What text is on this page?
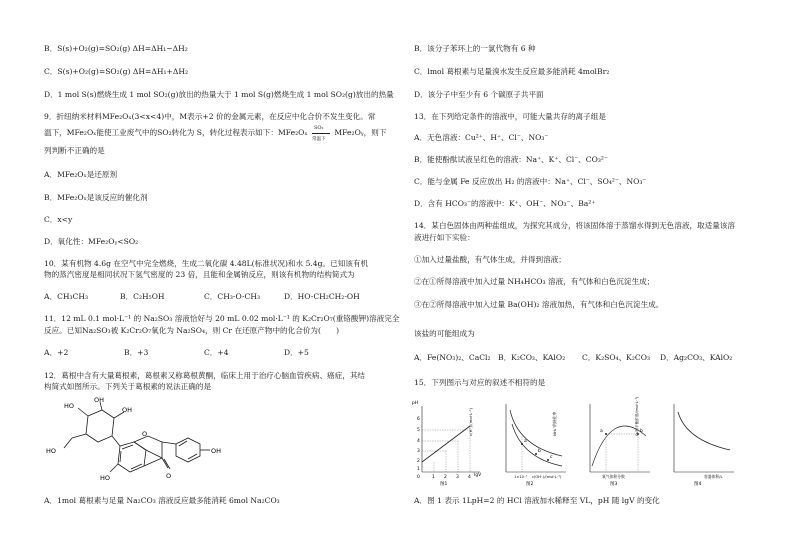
B．S(s)+O₂(g)=SO₂(g) ΔH=ΔH₁−ΔH₂
C．S(s)+O₂(g)=SO₂(g) ΔH=ΔH₁+ΔH₂
D．1 mol S(s)燃烧生成 1 mol SO₂(g)放出的热量大于 1 mol S(g)燃烧生成 1 mol SO₂(g)放出的热量
9．折纽纳米材料MFe₂Oₓ(3<x<4)中，M表示+2 价的金属元素，在反应中化合价不发生变化。常
温下，MFe₂Oₓ能使工业废气中的SO₂转化为 S，转化过程表示如下：MFe₂Oₓ SO₂
常温下
MFe₂Oᵧ，则下
列判断不正确的是
A．MFe₂Oₓ是还原剂
B．MFe₂Oₓ是该反应的催化剂
C．x<y
D．氧化性：MFe₂Oᵧ<SO₂
10．某有机物 4.6g 在空气中完全燃烧，生成二氧化碳 4.48L(标准状况)和水 5.4g。已知该有机
物的蒸汽密度是相同状况下氢气密度的 23 倍，且能和金属钠反应，则该有机物的结构简式为
A．CH₃CH₃	B．C₂H₅OH	C．CH₃-O-CH₃	D．HO-CH₂CH₂-OH
11．12 mL 0.1 mol·L⁻¹ 的 Na₂SO₃ 溶液恰好与 20 mL 0.02 mol·L⁻¹ 的 K₂Cr₂O₇(重铬酸钾)溶液完全
反应。已知Na₂SO₃被 K₂Cr₂O₇氧化为 Na₂SO₄，则 Cr 在还原产物中的化合价为(　　)
A．+2	B．+3	C．+4	D．+5
12．葛根中含有大量葛根素，葛根素又称葛根黄酮，临床上用于治疗心脑血管疾病、癌症，其结
构简式如图所示。下列关于葛根素的说法正确的是
OH
HO	OH
HO
O
O
HO
OH
A．1mol 葛根素与足量 Na₂CO₃ 溶液反应最多能消耗 6mol Na₂CO₃
B．该分子苯环上的一氯代物有 6 种
C．lmol 葛根素与足量溴水发生反应最多能消耗 4molBr₂
D．该分子中至少有 6 个碳原子共平面
13．在下列给定条件的溶液中，可能大量共存的离子组是
A．无色溶液：Cu²⁺、H⁺、Cl⁻、NO₃⁻
B．能使酚酞试液呈红色的溶液：Na⁺、K⁺、Cl⁻、CO₃²⁻
C．能与金属 Fe 反应放出 H₂ 的溶液中：Na⁺、Cl⁻、SO₄²⁻、NO₃⁻
D．含有 HCO₃⁻的溶液中：K⁺、OH⁻、NO₃⁻、Ba²⁺
14．某白色固体由两种盐组成，为探究其成分，将该固体溶于蒸馏水得到无色溶液，取适量该溶
液进行如下实验：
①加入过量盐酸，有气体生成，并得到溶液；
②在①所得溶液中加入过量 NH₄HCO₃ 溶液，有气体和白色沉淀生成；
③在②所得溶液中加入过量 Ba(OH)₂ 溶液加热，有气体和白色沉淀生成。
该盐的可能组成为
A．Fe(NO₃)₂、CaCl₂ B．K₂CO₃、KAlO₂ C．K₂SO₄、K₂CO₃ D．Ag₂CO₃、KAlO₂
15．下列图示与对应的叙述不相符的是
pH
6
5
4
3
2
1
0	1 2 3 4 lgV
图1
c(H⁺)/(mol·L⁻¹)
a
b
c
1×10⁻⁷ c(OH⁻)/(mol·L⁻¹)
图2
NH₄⁺的转化率	a	b
氧气体积分数
图3
O₂的平衡浓度/(mol·L⁻¹)
容器体积/L
图4
A．图 1 表示 1LpH=2 的 HCl 溶液加水稀释至 VL，pH 随 lgV 的变化
